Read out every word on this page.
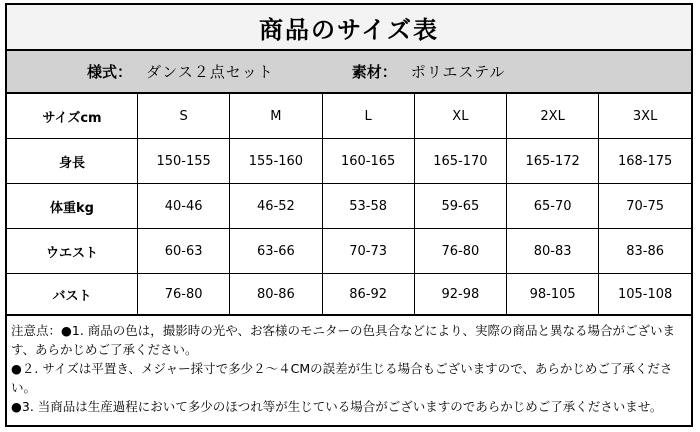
商品のサイズ表
様式： ダンス２点セット	素材： ポリエステル
サイズcm	S	M	L	XL	2XL	3XL
身長	150-155	155-160	160-165	165-170	165-172	168-175
体重kg	40-46	46-52	53-58	59-65	65-70	70-75
ウエスト	60-63	63-66	70-73	76-80	80-83	83-86
バスト	76-80	80-86	86-92	92-98	98-105	105-108

注意点：●1. 商品の色は，撮影時の光や、お客様のモニターの色具合などにより、実際の商品と異なる場合がございます、あらかじめご了承ください。

●２. サイズは平置き、メジャー採寸で多少２～４CMの誤差が生じる場合もございますので、あらかじめご了承ください。

●3. 当商品は生産過程において多少のほつれ等が生じている場合がございますのであらかじめご了承くださいませ。
